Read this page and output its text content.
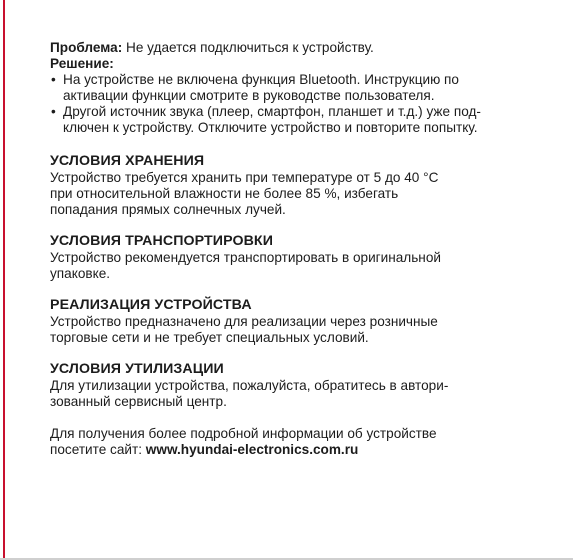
Проблема: Не удается подключиться к устройству.

Решение:

• На устройстве не включена функция Bluetooth. Инструкцию по
активации функции смотрите в руководстве пользователя.
• Другой источник звука (плеер, смартфон, планшет и т.д.) уже под-
ключен к устройству. Отключите устройство и повторите попытку.
УСЛОВИЯ ХРАНЕНИЯ

Устройство требуется хранить при температуре от 5 до 40 °С
при относительной влажности не более 85 %, избегать
попадания прямых солнечных лучей.

УСЛОВИЯ ТРАНСПОРТИРОВКИ

Устройство рекомендуется транспортировать в оригинальной
упаковке.

РЕАЛИЗАЦИЯ УСТРОЙСТВА

Устройство предназначено для реализации через розничные
торговые сети и не требует специальных условий.

УСЛОВИЯ УТИЛИЗАЦИИ

Для утилизации устройства, пожалуйста, обратитесь в автори-
зованный сервисный центр.

Для получения более подробной информации об устройстве
посетите сайт: www.hyundai-electronics.com.ru
